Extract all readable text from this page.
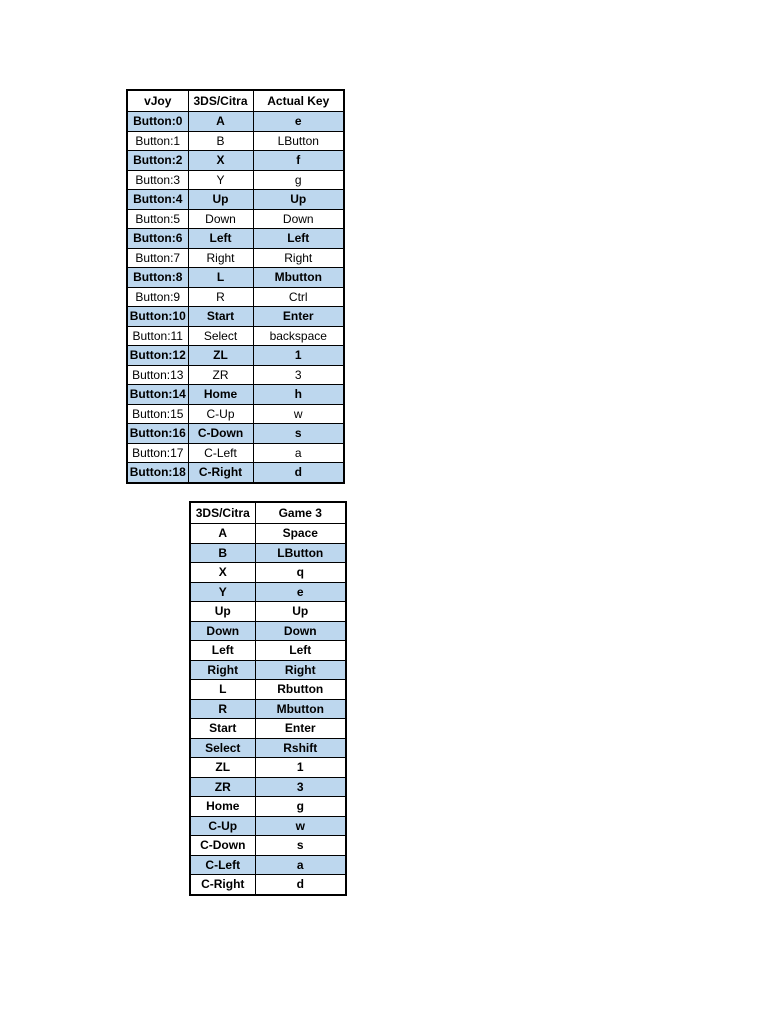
vJoy	3DS/Citra	Actual Key
Button:0	A	e
Button:1	B	LButton
Button:2	X	f
Button:3	Y	g
Button:4	Up	Up
Button:5	Down	Down
Button:6	Left	Left
Button:7	Right	Right
Button:8	L	Mbutton
Button:9	R	Ctrl
Button:10	Start	Enter
Button:11	Select	backspace
Button:12	ZL	1
Button:13	ZR	3
Button:14	Home	h
Button:15	C-Up	w
Button:16	C-Down	s
Button:17	C-Left	a
Button:18	C-Right	d
3DS/Citra	Game 3
A	Space
B	LButton
X	q
Y	e
Up	Up
Down	Down
Left	Left
Right	Right
L	Rbutton
R	Mbutton
Start	Enter
Select	Rshift
ZL	1
ZR	3
Home	g
C-Up	w
C-Down	s
C-Left	a
C-Right	d
